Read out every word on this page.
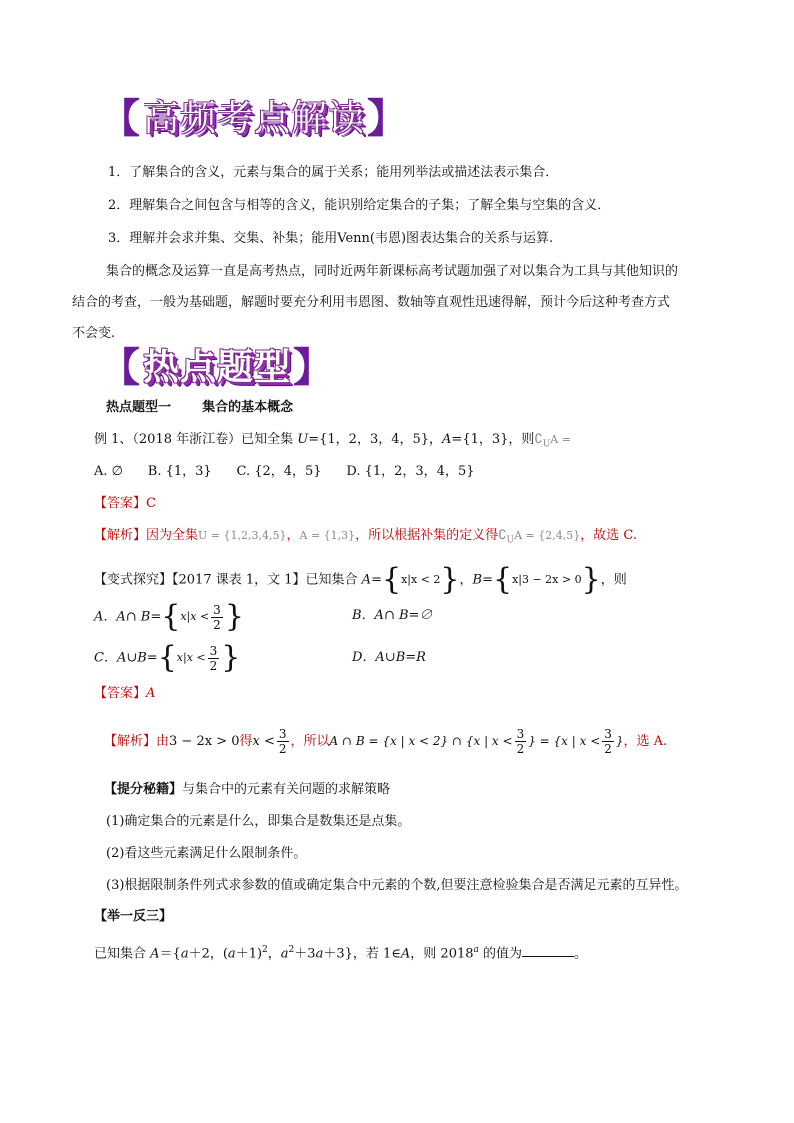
【 高频考点解读 】
1．了解集合的含义，元素与集合的属于关系；能用列举法或描述法表示集合．
2．理解集合之间包含与相等的含义，能识别给定集合的子集；了解全集与空集的含义．
3．理解并会求并集、交集、补集；能用Venn(韦恩)图表达集合的关系与运算.
集合的概念及运算一直是高考热点，同时近两年新课标高考试题加强了对以集合为工具与其他知识的
结合的考查，一般为基础题，解题时要充分利用韦恩图、数轴等直观性迅速得解，预计今后这种考查方式
不会变.
【 热点题型 】
热点题型一 集合的基本概念
例 1、（2018 年浙江卷）已知全集 U={1，2，3，4，5}，A={1，3}，则$∁_UA$ =
A. ∅      B. {1，3}      C. {2，4，5}      D. {1，2，3，4，5}
【答案】C
【解析】因为全集U = {1,2,3,4,5}，A = {1,3}，所以根据补集的定义得$∁_UA = \{2,4,5\}$，故选 C.
【变式探究】【2017 课表 1，文 1】已知集合 A= { x|x < 2 } ，B= { x|3 − 2x > 0 } ，则
A．A∩ B= { $x|x < \frac{3}{2}$ }	B．A∩ B=∅
C．A∪B= { $x|x < \frac{3}{2}$ }	D．A∪B=R
【答案】A
【解析】由3 − 2x > 0得$x < \frac{3}{2}$ ，所以A ∩ B = {x | x < 2} ∩ {x | $x < \frac{3}{2}$ } = {x | $x < \frac{3}{2}$ }，选 A.
【提分秘籍】与集合中的元素有关问题的求解策略
(1)确定集合的元素是什么，即集合是数集还是点集。
(2)看这些元素满足什么限制条件。
(3)根据限制条件列式求参数的值或确定集合中元素的个数,但要注意检验集合是否满足元素的互异性。
【举一反三】
已知集合 A＝{a＋2，$(a+1)^2$，$a^2+3a+3$}，若 1∈A，则 2018$^a$ 的值为	。
